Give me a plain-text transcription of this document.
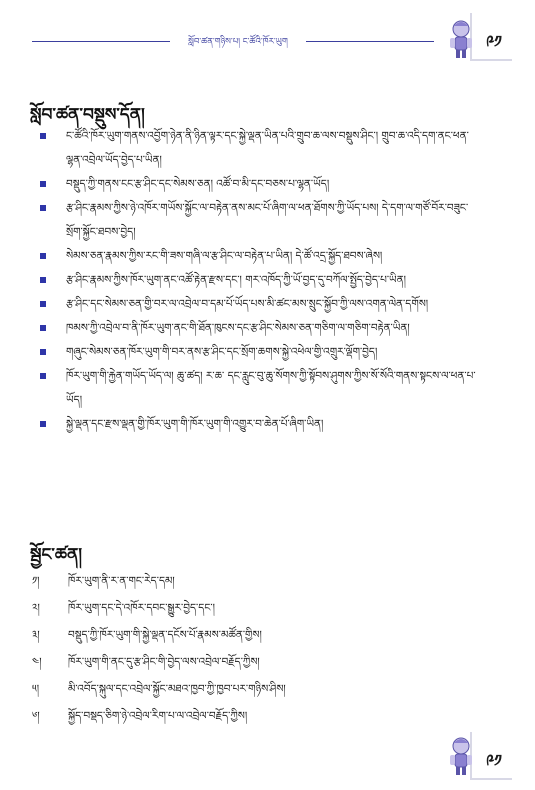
སློབ་ཚན་གཉིས་པ། ང་ཚོའི་ཁོར་ཡུག	༩༡
སློབ་ཚན་བསྡུས་དོན།
ང་ཚོའི་ཁོར་ཡུག་གནས་འབྱོག་ཉེན་ནི་ཉིན་ལྟར་དང་སྐྱེ་ལྡན་ཡིན་པའི་གྲུབ་ཆ་ལས་བསྡུས་ཤིང་། གྲུབ་ཆ་འདི་དག་ནང་ཕན་ལྷན་འབྲེལ་ཡོད་བྱེད་པ་ཡིན།
བསྡུད་ཀྱི་གནས་ངང་རྩ་ཤིང་དང་སེམས་ཅན། འཚོ་བ་མི་དང་བཅས་པ་ལྷན་ཡོད།
རྩ་ཤིང་རྣམས་ཀྱིས་ཉེ་འཁོར་གཡོས་སྐྱོང་ལ་བརྟེན་ནས་མང་པོ་ཞིག་ལ་ཕན་ཐོགས་ཀྱི་ཡོད་པས། དེ་དག་ལ་གཙོ་བོར་བཟུང་སྲོག་སྐྱོང་ཐབས་བྱེད།
སེམས་ཅན་རྣམས་ཀྱིས་རང་གི་ཟས་གཞི་ལ་རྩ་ཤིང་ལ་བརྟེན་པ་ཡིན། དེ་ཚོ་འདྲ་སྐྱོད་ཐབས་ཞེས།
རྩ་ཤིང་རྣམས་ཀྱིས་ཁོར་ཡུག་ནང་འཚོ་རྟེན་རྫས་དང་། གར་འཁོད་ཀྱི་ཡོ་བྱད་དུ་བཀོལ་སྤྱོད་བྱེད་པ་ཡིན།
རྩ་ཤིང་དང་སེམས་ཅན་གྱི་བར་ལ་འབྲེལ་བ་དམ་པོ་ཡོད་པས་མི་ཚང་མས་སྲུང་སྐྱོབ་ཀྱི་ལས་འགན་ལེན་དགོས།
ཁམས་ཀྱི་འབྲེལ་བ་ནི་ཁོར་ཡུག་ནང་གི་ཐོན་ཁུངས་དང་རྩ་ཤིང་སེམས་ཅན་གཅིག་ལ་གཅིག་བརྟེན་ཡིན།
གཞུང་སེམས་ཅན་ཁོར་ཡུག་གི་བར་ནས་རྩ་ཤིང་དང་སྲོག་ཆགས་སྐྱེ་འཕེལ་གྱི་འགྲུར་ལྡོག་བྱེད།
ཁོར་ཡུག་གི་རྐྱེན་གཡོད་ཡོད་ལ། ཆུ་ཚད། ར་ཆ་ དང་རླུང་བུ་ཆུ་སོགས་ཀྱི་སྟོབས་ཤུགས་ཀྱིས་སོ་སོའི་གནས་སྟངས་ལ་ཕན་པ་ཡོད།
སྐྱེ་ལྡན་དང་རྫས་ལྡན་གྱི་ཁོར་ཡུག་གི་ཁོར་ཡུག་གི་འགྱུར་བ་ཆེན་པོ་ཞིག་ཡིན།
སྦྱོང་ཚན།
༡།	ཁོར་ཡུག་ནི་ར་ན་གང་རེད་དམ།
༢།	ཁོར་ཡུག་དང་དེ་འཁོར་དབང་སྒྱུར་བྱེད་དང་།
༣།	བསྡུད་ཀྱི་ཁོར་ཡུག་གི་སྐྱེ་ལྡན་དངོས་པོ་རྣམས་མཚོན་གྱིས།
༤།	ཁོར་ཡུག་གི་ནང་དུ་རྩ་ཤིང་གི་བྱེད་ལས་འབྲེལ་བརྗོད་ཀྱིས།
༥།	མི་འབོད་སྐུལ་དང་འབྲེལ་སྐྱོང་མཐའ་ཁྱབ་ཀྱི་ཁྱབ་པར་གཉིས་ཤིས།
༦།	སྐྱོད་བསྡད་ཅིག་ཉེ་འབྲེལ་རིག་པ་ལ་འབྲེལ་བརྗོད་ཀྱིས།
༩༡
